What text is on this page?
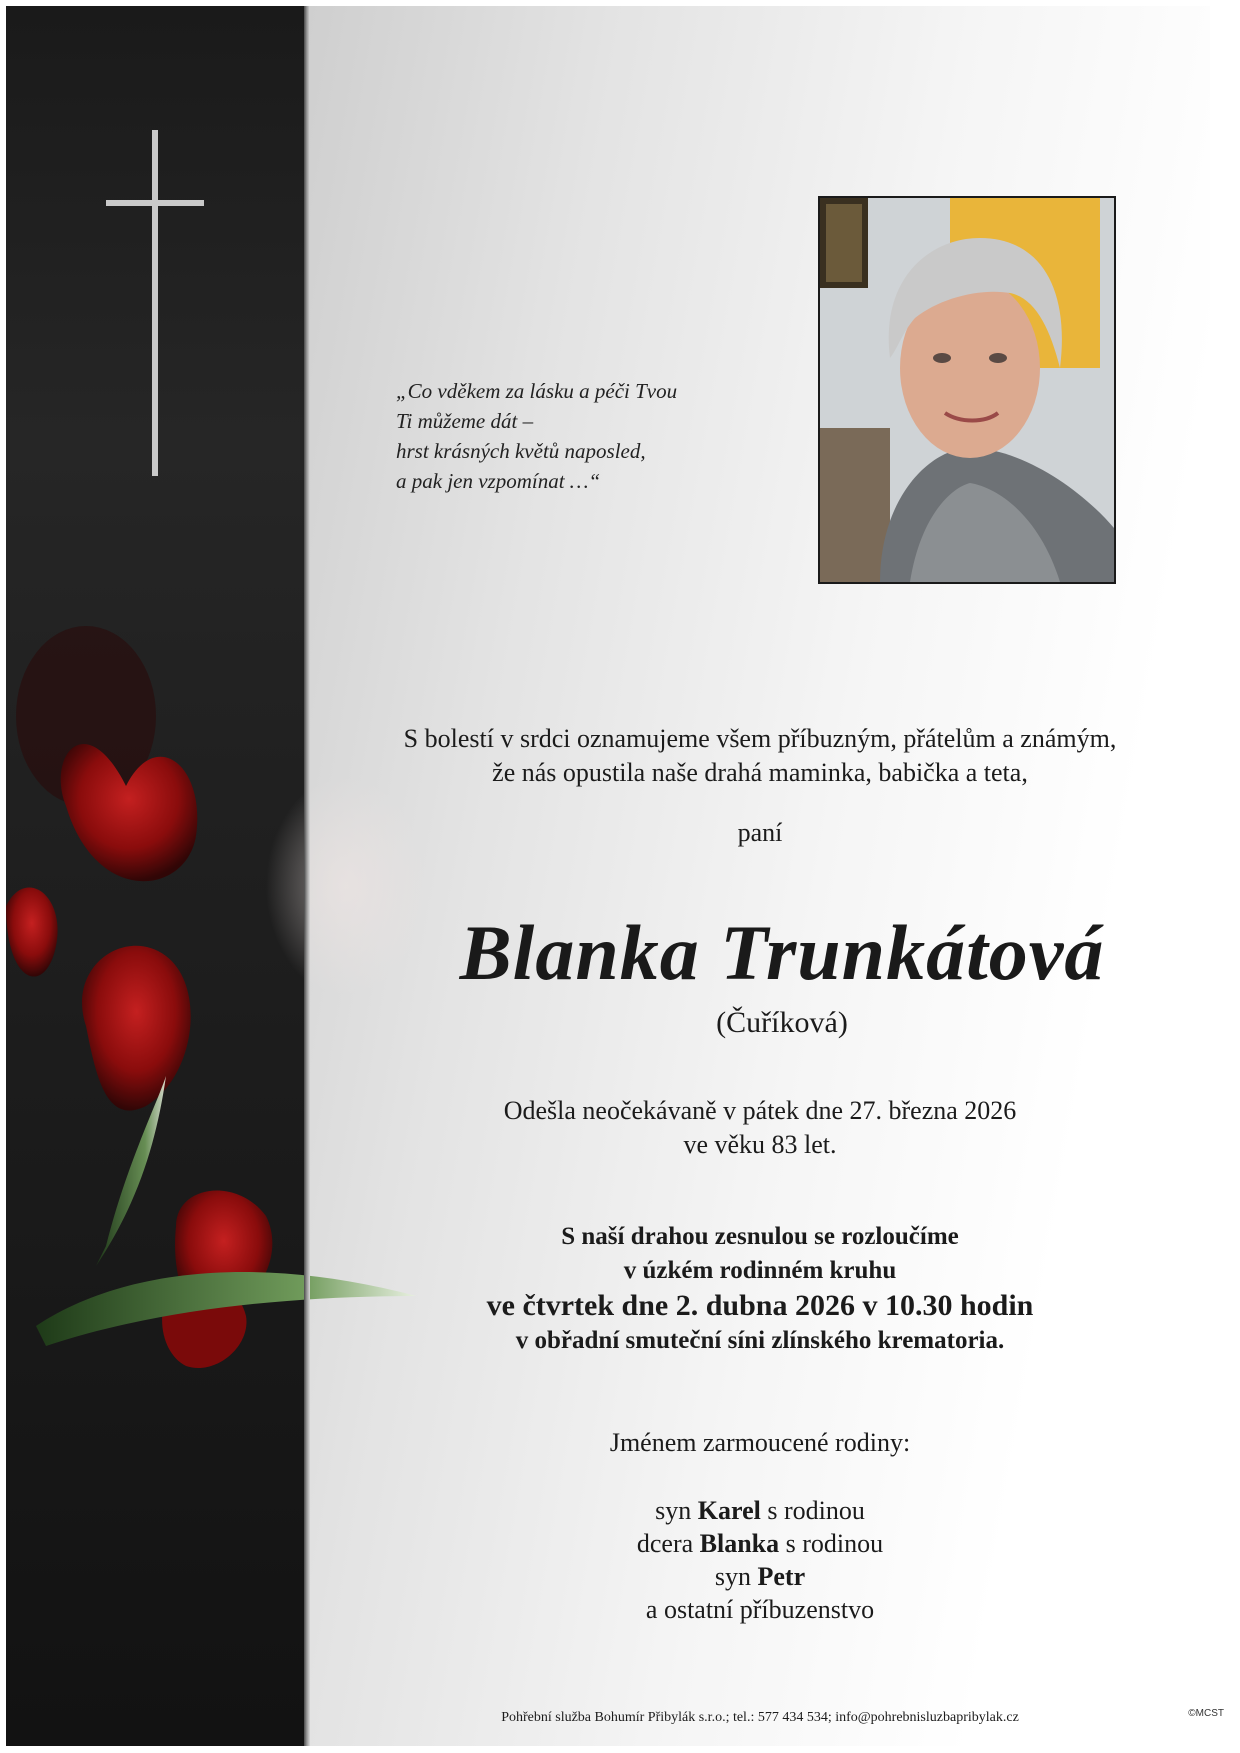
„Co vděkem za lásku a péči Tvou
Ti můžeme dát –
hrst krásných květů naposled,
a pak jen vzpomínat …“
S bolestí v srdci oznamujeme všem příbuzným, přátelům a známým,
že nás opustila naše drahá maminka, babička a teta,
paní
Blanka Trunkátová
(Čuříková)
Odešla neočekávaně v pátek dne 27. března 2026
ve věku 83 let.
S naší drahou zesnulou se rozloučíme
v úzkém rodinném kruhu
ve čtvrtek dne 2. dubna 2026 v 10.30 hodin
v obřadní smuteční síni zlínského krematoria.
Jménem zarmoucené rodiny:
syn Karel s rodinou
dcera Blanka s rodinou
syn Petr
a ostatní příbuzenstvo
Pohřební služba Bohumír Přibylák s.r.o.; tel.: 577 434 534; info@pohrebnisluzbapribylak.cz	©MCST
